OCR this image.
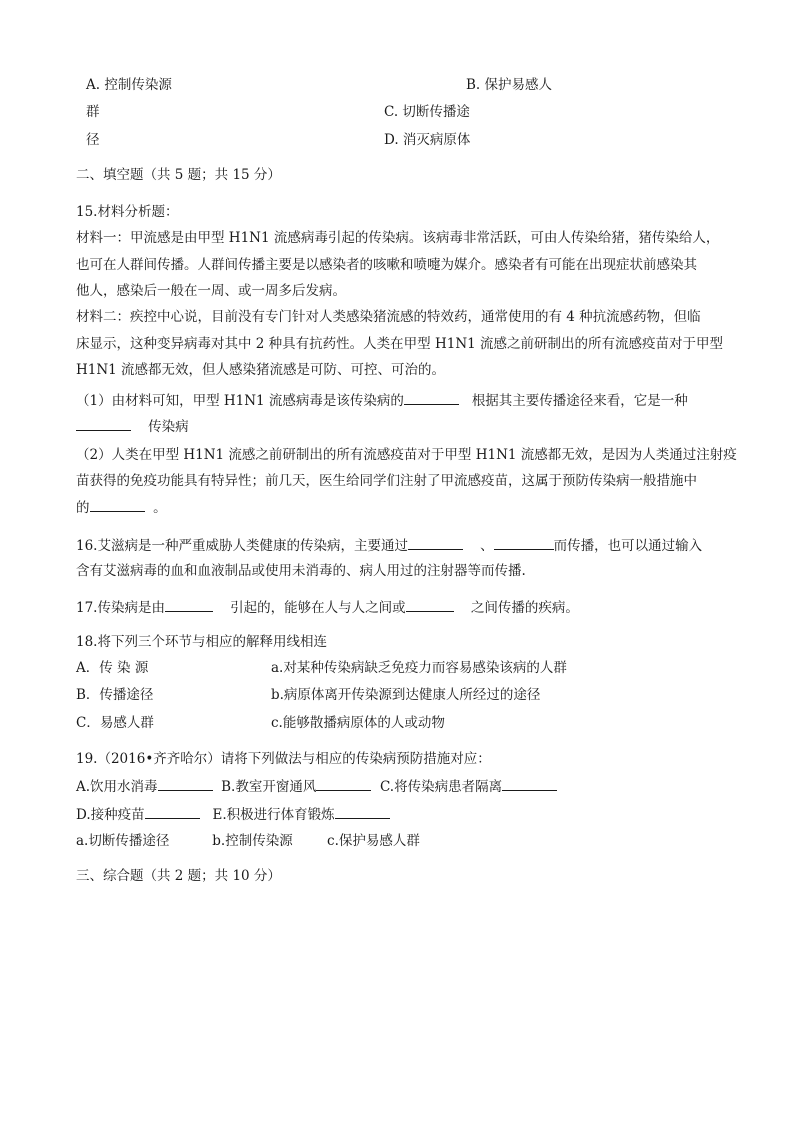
A. 控制传染源	B. 保护易感人
群	C. 切断传播途
径	D. 消灭病原体
二、填空题（共 5 题；共 15 分）
15.材料分析题：
材料一：甲流感是由甲型 H1N1 流感病毒引起的传染病。该病毒非常活跃，可由人传染给猪，猪传染给人，
也可在人群间传播。人群间传播主要是以感染者的咳嗽和喷嚏为媒介。感染者有可能在出现症状前感染其
他人，感染后一般在一周、或一周多后发病。
材料二：疾控中心说，目前没有专门针对人类感染猪流感的特效药，通常使用的有 4 种抗流感药物，但临
床显示，这种变异病毒对其中 2 种具有抗药性。人类在甲型 H1N1 流感之前研制出的所有流感疫苗对于甲型
H1N1 流感都无效，但人感染猪流感是可防、可控、可治的。
（1）由材料可知，甲型 H1N1 流感病毒是该传染病的	根据其主要传播途径来看，它是一种
传染病
（2）人类在甲型 H1N1 流感之前研制出的所有流感疫苗对于甲型 H1N1 流感都无效，是因为人类通过注射疫
苗获得的免疫功能具有特异性；前几天，医生给同学们注射了甲流感疫苗，这属于预防传染病一般措施中
的	。
16.艾滋病是一种严重威胁人类健康的传染病，主要通过	、	而传播，也可以通过输入
含有艾滋病毒的血和血液制品或使用未消毒的、病人用过的注射器等而传播.
17.传染病是由	引起的，能够在人与人之间或	之间传播的疾病。
18.将下列三个环节与相应的解释用线相连
A．传 染 源	a.对某种传染病缺乏免疫力而容易感染该病的人群
B．传播途径	b.病原体离开传染源到达健康人所经过的途径
C．易感人群	c.能够散播病原体的人或动物
19.（2016•齐齐哈尔）请将下列做法与相应的传染病预防措施对应：
A.饮用水消毒	B.教室开窗通风	C.将传染病患者隔离
D.接种疫苗	E.积极进行体育锻炼
a.切断传播途径	b.控制传染源	c.保护易感人群
三、综合题（共 2 题；共 10 分）
